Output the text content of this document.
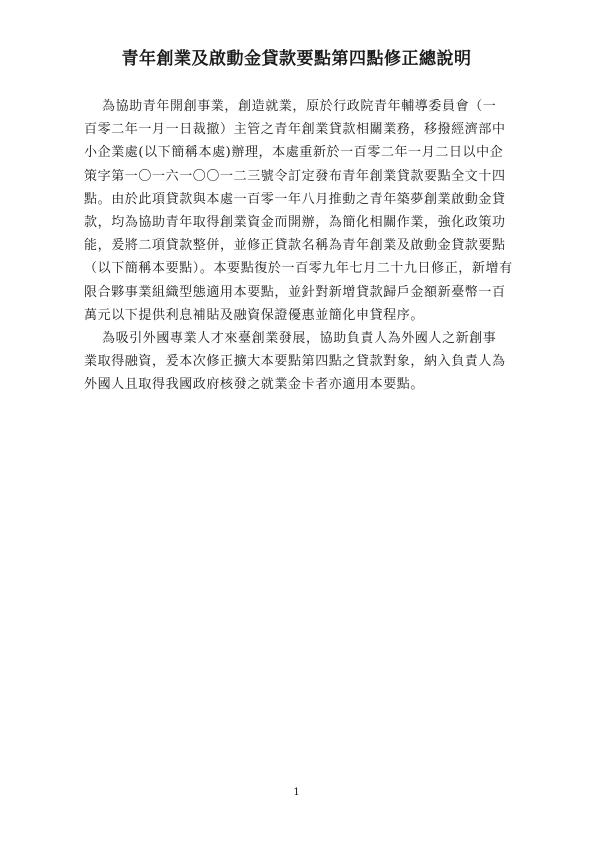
青年創業及啟動金貸款要點第四點修正總說明

為協助青年開創事業，創造就業，原於行政院青年輔導委員會（一
百零二年一月一日裁撤）主管之青年創業貸款相關業務，移撥經濟部中
小企業處(以下簡稱本處)辦理，本處重新於一百零二年一月二日以中企
策字第一〇一六一〇〇一二三號令訂定發布青年創業貸款要點全文十四
點。由於此項貸款與本處一百零一年八月推動之青年築夢創業啟動金貸
款，均為協助青年取得創業資金而開辦，為簡化相關作業，強化政策功
能，爰將二項貸款整併，並修正貸款名稱為青年創業及啟動金貸款要點
（以下簡稱本要點）。本要點復於一百零九年七月二十九日修正，新增有
限合夥事業組織型態適用本要點，並針對新增貸款歸戶金額新臺幣一百
萬元以下提供利息補貼及融資保證優惠並簡化申貸程序。

為吸引外國專業人才來臺創業發展，協助負責人為外國人之新創事
業取得融資，爰本次修正擴大本要點第四點之貸款對象，納入負責人為
外國人且取得我國政府核發之就業金卡者亦適用本要點。

1
